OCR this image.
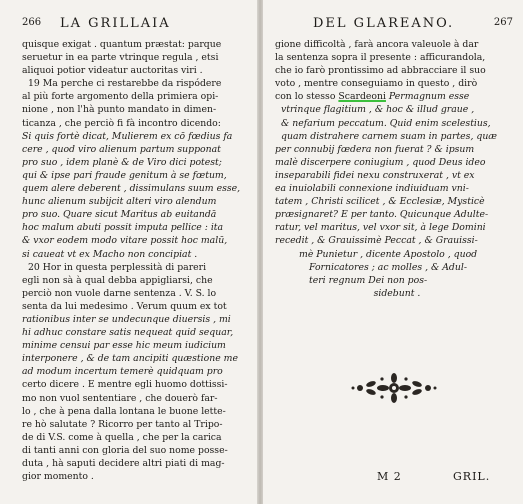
266 LA GRILLAIA
quisque exigat . quantum præstat: parque
seruetur in ea parte vtrinque regula , etsi
aliquoi potior videatur auctoritas viri .
19 Ma perche ci restarebbe da rispódere
al più forte argomento della primiera opi-
nione , non l'hà punto mandato in dimen-
ticanza , che perciò fi fà incontro dicendo:
Si quis fortè dicat, Mulierem ex cō fœdius fa
cere , quod viro alienum partum supponat
pro suo , idem planè & de Viro dici potest;
qui & ipse pari fraude genitum à se fœtum,
quem alere deberent , dissimulans suum esse,
hunc alienum subijcit alteri viro alendum
pro suo. Quare sicut Maritus ab euitandā
hoc malum abuti possit imputa pellice : ita
& vxor eodem modo vitare possit hoc malū,
si caueat vt ex Macho non concipiat .
20 Hor in questa perplessità di pareri
egli non sà à qual debba appigliarsi, che
perciò non vuole darne sentenza . V. S. lo
senta da lui medesimo . Verum quum ex tot
rationibus inter se undecunque diuersis , mi
hi adhuc constare satis nequeat quid sequar,
minime censui par esse hic meum iudicium
interponere , & de tam ancipiti quæstione me
ad modum incertum temerè quidquam pro
certo dicere . E mentre egli huomo dottissi-
mo non vuol sententiare , che douerò far-
lo , che à pena dalla lontana le buone lette-
re hò salutate ? Ricorro per tanto al Tripo-
de di V.S. come à quella , che per la carica
di tanti anni con gloria del suo nome posse-
duta , hà saputi decidere altri piati di mag-
gior momento .
DEL GLAREANO.	267
gione difficoltà , farà ancora valeuole à dar
la sentenza sopra il presente : afficurandola,
che io farò prontissimo ad abbracciare il suo
voto , mentre conseguiamo in questo , dirò
con lo stesso Scardeoni Permagnum esse
vtrinque flagitium , & hoc & illud graue ,
& nefarium peccatum. Quid enim scelestius,
quam distrahere carnem suam in partes, quæ
per connubij fœdera non fuerat ? & ipsum
malè discerpere coniugium , quod Deus ideo
inseparabili fidei nexu construxerat , vt ex
ea inuiolabili connexione indiuiduam vni-
tatem , Christi scilicet , & Ecclesiæ, Mysticè
præsignaret? E per tanto. Quicunque Adulte-
ratur, vel maritus, vel vxor sit, à lege Domini
recedit , & Grauissimè Peccat , & Grauissi-
mè Punietur , dicente Apostolo , quod
Fornicatores ; ac molles , & Adul-
teri regnum Dei non pos-
sidebunt .
M 2	GRIL.
